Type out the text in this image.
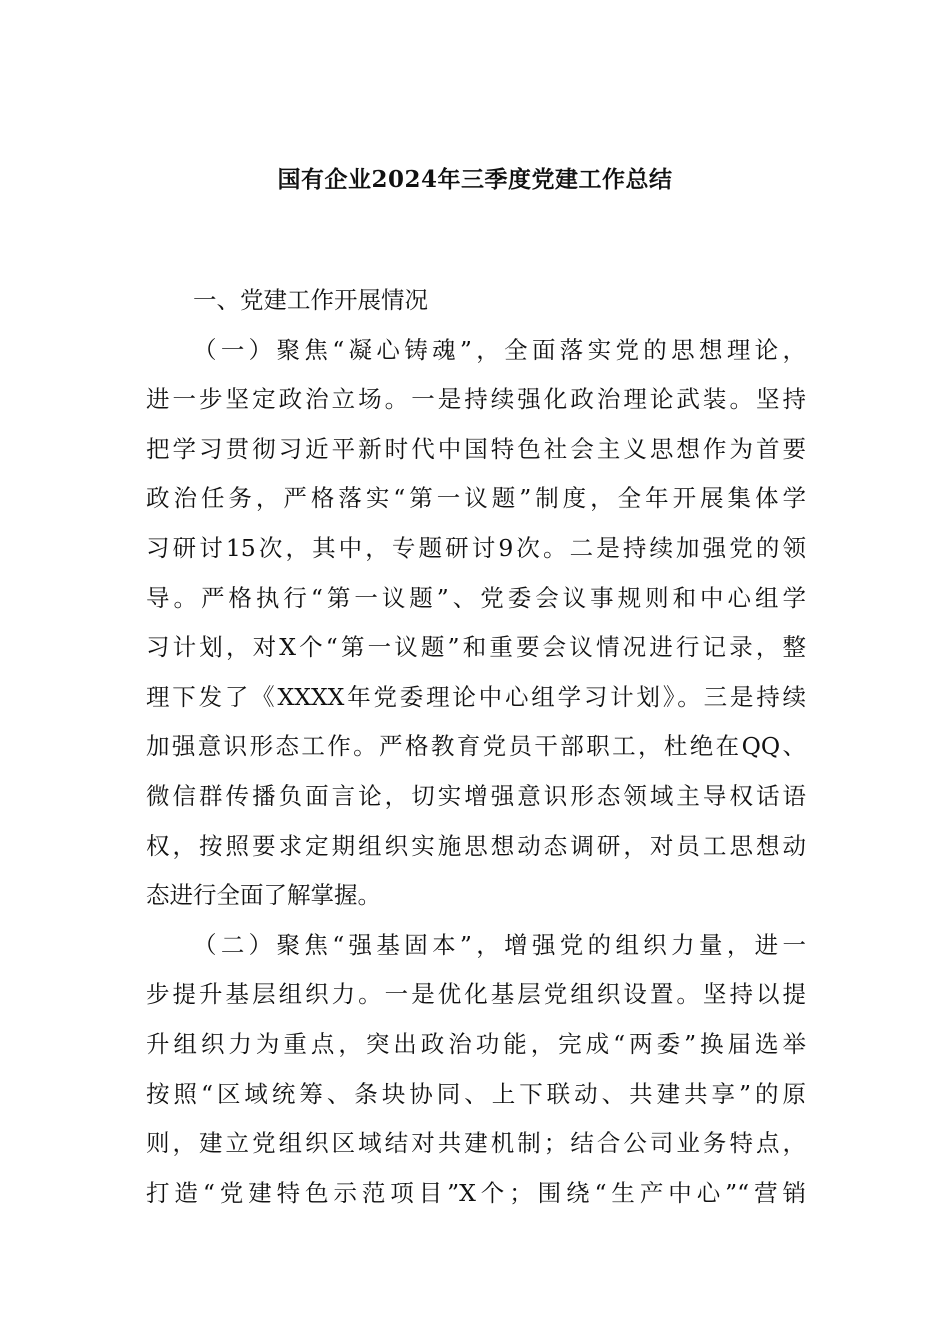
国有企业2024年三季度党建工作总结
一、党建工作开展情况
（一）聚焦“凝心铸魂”，全面落实党的思想理论，
进一步坚定政治立场。一是持续强化政治理论武装。坚持
把学习贯彻习近平新时代中国特色社会主义思想作为首要
政治任务，严格落实“第一议题”制度，全年开展集体学
习研讨15次，其中，专题研讨9次。二是持续加强党的领
导。严格执行“第一议题”、党委会议事规则和中心组学
习计划，对X个“第一议题”和重要会议情况进行记录，整
理下发了《XXXX年党委理论中心组学习计划》。三是持续
加强意识形态工作。严格教育党员干部职工，杜绝在QQ、
微信群传播负面言论，切实增强意识形态领域主导权话语
权，按照要求定期组织实施思想动态调研，对员工思想动
态进行全面了解掌握。
（二）聚焦“强基固本”，增强党的组织力量，进一
步提升基层组织力。一是优化基层党组织设置。坚持以提
升组织力为重点，突出政治功能，完成“两委”换届选举
按照“区域统筹、条块协同、上下联动、共建共享”的原
则，建立党组织区域结对共建机制；结合公司业务特点，
打造“党建特色示范项目”X个；围绕“生产中心”“营销
